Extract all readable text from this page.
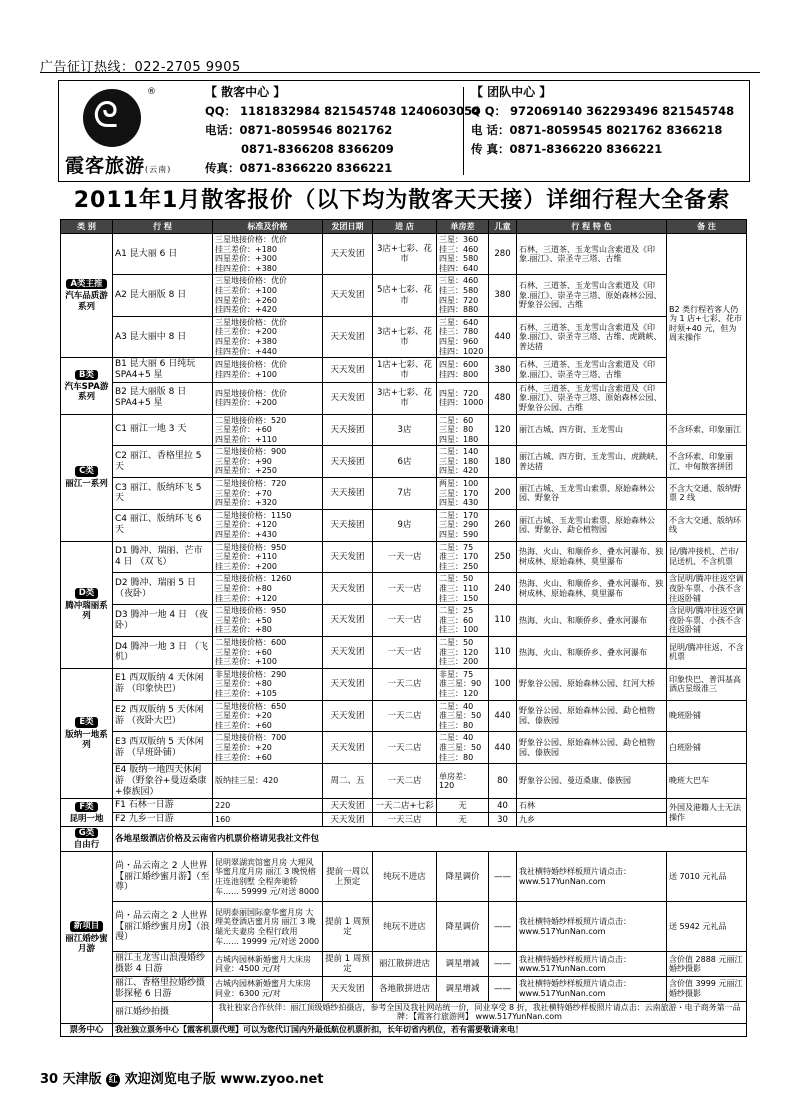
广告征订热线：022-2705 9905
ᘓ
®
霞客旅游(云南)
【 散客中心 】
QQ： 1181832984 821545748 1240603054
电话：0871-8059546 8021762
0871-8366208 8366209
传真：0871-8366220 8366221
【 团队中心 】
Q Q： 972069140 362293496 821545748
电 话：0871-8059545 8021762 8366218
传 真：0871-8366220 8366221
2011年1月散客报价（以下均为散客天天接）详细行程大全备索
类 别	行 程	标准及价格	发团日期	进 店	单房差	儿童	行 程 特 色	备 注
A类主推
汽车品质游系列	A1 昆大丽 6 日	三星地接价格：优价
挂三差价：+180
四星差价：+300
挂四差价：+380	天天发团	3店+七彩、花市	三星：360
挂三：460
四星：580
挂四：640	280	石林、三道茶、玉龙雪山含索道及《印象.丽江》、崇圣寺三塔、古维	B2 类行程若客人仍为 1 店+七彩、花市时须+40 元，但为周末操作
	A2 昆大丽版 8 日	三星地接价格：优价
挂三差价：+100
四星差价：+260
挂四差价：+420	天天发团	5店+七彩、花市	三星：460
挂三：580
四星：720
挂四：880	380	石林、三道茶、玉龙雪山含索道及《印象.丽江》、崇圣寺三塔、原始森林公园、野象谷公园、古维	
	A3 昆大丽中 8 日	三星地接价格：优价
挂三差价：+200
四星差价：+380
挂四差价：+440	天天发团	3店+七彩、花市	三星：640
挂三：780
四星：960
挂四：1020	440	石林、三道茶、玉龙雪山含索道及《印象.丽江》、崇圣寺三塔、古维、虎跳峡、普达措	
B类
汽车SPA游系列	B1 昆大丽 6 日纯玩 SPA4+5 星	四星地接价格：优价
挂四差价：+100	天天发团	1店+七彩、花市	四星：600
挂四：800	380	石林、三道茶、玉龙雪山含索道及《印象.丽江》、崇圣寺三塔、古维	
	B2 昆大丽版 8 日 SPA4+5 星	四星地接价格：优价
挂四差价：+200	天天发团	3店+七彩、花市	四星：720
挂四：1000	480	石林、三道茶、玉龙雪山含索道及《印象.丽江》、崇圣寺三塔、原始森林公园、野象谷公园、古维	
C类
丽江一系列	C1 丽江一地 3 天	二星地接价格：520
三星差价：+60
四星差价：+110	天天接团	3店	二星：60
三星：80
四星：180	120	丽江古城、四方街、玉龙雪山	不含环索、印象丽江
	C2 丽江、香格里拉 5 天	二星地接价格：900
三星差价：+90
四星差价：+250	天天接团	6店	二星：140
三星：180
四星：420	180	丽江古城、四方街、玉龙雪山、虎跳峡、普达措	不含环索、印象丽江、中甸散客拼团
	C3 丽江、版纳环飞 5 天	二星地接价格：720
三星差价：+70
四星差价：+320	天天接团	7店	两星：100
三星：170
四星：430	200	丽江古城、玉龙雪山索票、原始森林公园、野象谷	不含大交通、版纳野票 2 线
	C4 丽江、版纳环飞 6 天	二星地接价格：1150
三星差价：+120
四星差价：+430	天天接团	9店	二星：170
三星：290
四星：590	260	丽江古城、玉龙雪山索票、原始森林公园、野象谷、勐仑植物园	不含大交通、版纳环线
D类
腾冲瑞丽系列	D1 腾冲、瑞丽、芒市 4 日 （双飞）	二星地接价格：950
三星差价：+110
挂三差价：+200	天天发团	一天一店	二星：75
准三：170
挂三：250	250	热海、火山、和顺侨乡、叠水河瀑布、独树成林、原始森林、莫里瀑布	昆/腾冲接机、芒市/昆送机、不含机票
	D2 腾冲、瑞丽 5 日 （夜卧）	二星地接价格：1260
三星差价：+80
挂三差价：+120	天天发团	一天一店	二星：50
准三：110
挂三：150	240	热海、火山、和顺侨乡、叠水河瀑布、独树成林、原始森林、莫里瀑布	含昆明/腾冲往返空调夜卧车票、小孩不含往返卧铺
	D3 腾冲一地 4 日 （夜卧）	二星地接价格：950
三星差价：+50
挂三差价：+80	天天发团	一天一店	二星：25
准三：60
挂三：100	110	热海、火山、和顺侨乡、叠水河瀑布	含昆明/腾冲往返空调夜卧车票、小孩不含往返卧铺
	D4 腾冲一地 3 日 （飞机）	二星地接价格：600
三星差价：+60
挂三差价：+100	天天发团	一天一店	二星：50
准三：120
挂三：200	110	热海、火山、和顺侨乡、叠水河瀑布	昆明/腾冲往返、不含机票
E类
版纳一地系列	E1 西双版纳 4 天休闲游 （印象快巴）	非星地接价格：290
三星差价：+80
挂三差价：+105	天天发团	一天二店	非星：75
准三星：90
挂三：120	100	野象谷公园、原始森林公园、红河大桥	印象快巴、普洱基高酒店星级准三
	E2 西双版纳 5 天休闲游 （夜卧大巴）	二星地接价格：650
三星差价：+20
挂三差价：+60	天天发团	一天二店	二星：40
准三星：50
挂三：80	440	野象谷公园、原始森林公园、勐仑植物园、傣族园	晚班卧铺
	E3 西双版纳 5 天休闲游 （早班卧铺）	二星地接价格：700
三星差价：+20
挂三差价：+60	天天发团	一天二店	二星：40
准三星：50
挂三：80	440	野象谷公园、原始森林公园、勐仑植物园、傣族园	白班卧铺
	E4 版纳一地四天休闲游 （野象谷+曼迈桑康+傣族园）	版纳挂三星：420	周二、五	一天二店	单房差：120	80	野象谷公园、曼迈桑康、傣族园	晚班大巴车
F类
昆明一地	F1 石林一日游	220	天天发团	一天二店+七彩	无	40	石林	外国及港籍人士无法操作
	F2 九乡一日游	160	天天发团	一天三店	无	30	九乡	
G类
自由行	各地星级酒店价格及云南省内机票价格请见我社文件包							
新项目
丽江婚纱蜜月游	尚・品云南之 2 人世界【丽江婚纱蜜月游】（至尊）	昆明翠湖宾馆蜜月房 大理风华蜜月度月房 丽江 3 晚悦榕庄连池别墅 全程奔驰轿车…… 59999 元/对送 8000	提前一周以上预定	纯玩不进店	降星调价	——	我社横特婚纱样板照片请点击：www.517YunNan.com	送 7010 元礼品
	尚・品云南之 2 人世界【丽江婚纱蜜月房】（浪漫）	昆明泰丽国际豪华蜜月房 大理美登酒店蜜月房 丽江 3 晚瑞光夫妻房 全程行政用车…… 19999 元/对送 2000	提前 1 周预定	纯玩不进店	降星调价	——	我社横特婚纱样板照片请点击：www.517YunNan.com	送 5942 元礼品
	丽江玉龙雪山浪漫婚纱摄影 4 日游	古城内园林新婚蜜月大床房 同业：4500 元/对	提前 1 周预定	丽江散拼进店	调星增减	——	我社横特婚纱样板照片请点击：www.517YunNan.com	含价值 2888 元丽江婚纱摄影
	丽江、香格里拉婚纱摄影探秘 6 日游	古城内园林新婚蜜月大床房 同业：6300 元/对	天天发团	各地散拼进店	调星增减	——	我社横特婚纱样板照片请点击：www.517YunNan.com	含价值 3999 元丽江婚纱摄影
	丽江婚纱拍摄	我社独家合作伙伴：丽江顶级婚纱拍摄店，参考全国及我社网站统一价，同业享受 8 折，我社横特婚纱样板照片请点击：云南旅游・电子商务第一品牌：【霞客行旅游网】 www.517YunNan.com						
票务中心	我社独立票务中心【霞客机票代理】可以为您代订国内外最低航位机票折扣，长年切省内机位，若有需要敬请来电！							
30 天津版 红 欢迎浏览电子版 www.zyoo.net
